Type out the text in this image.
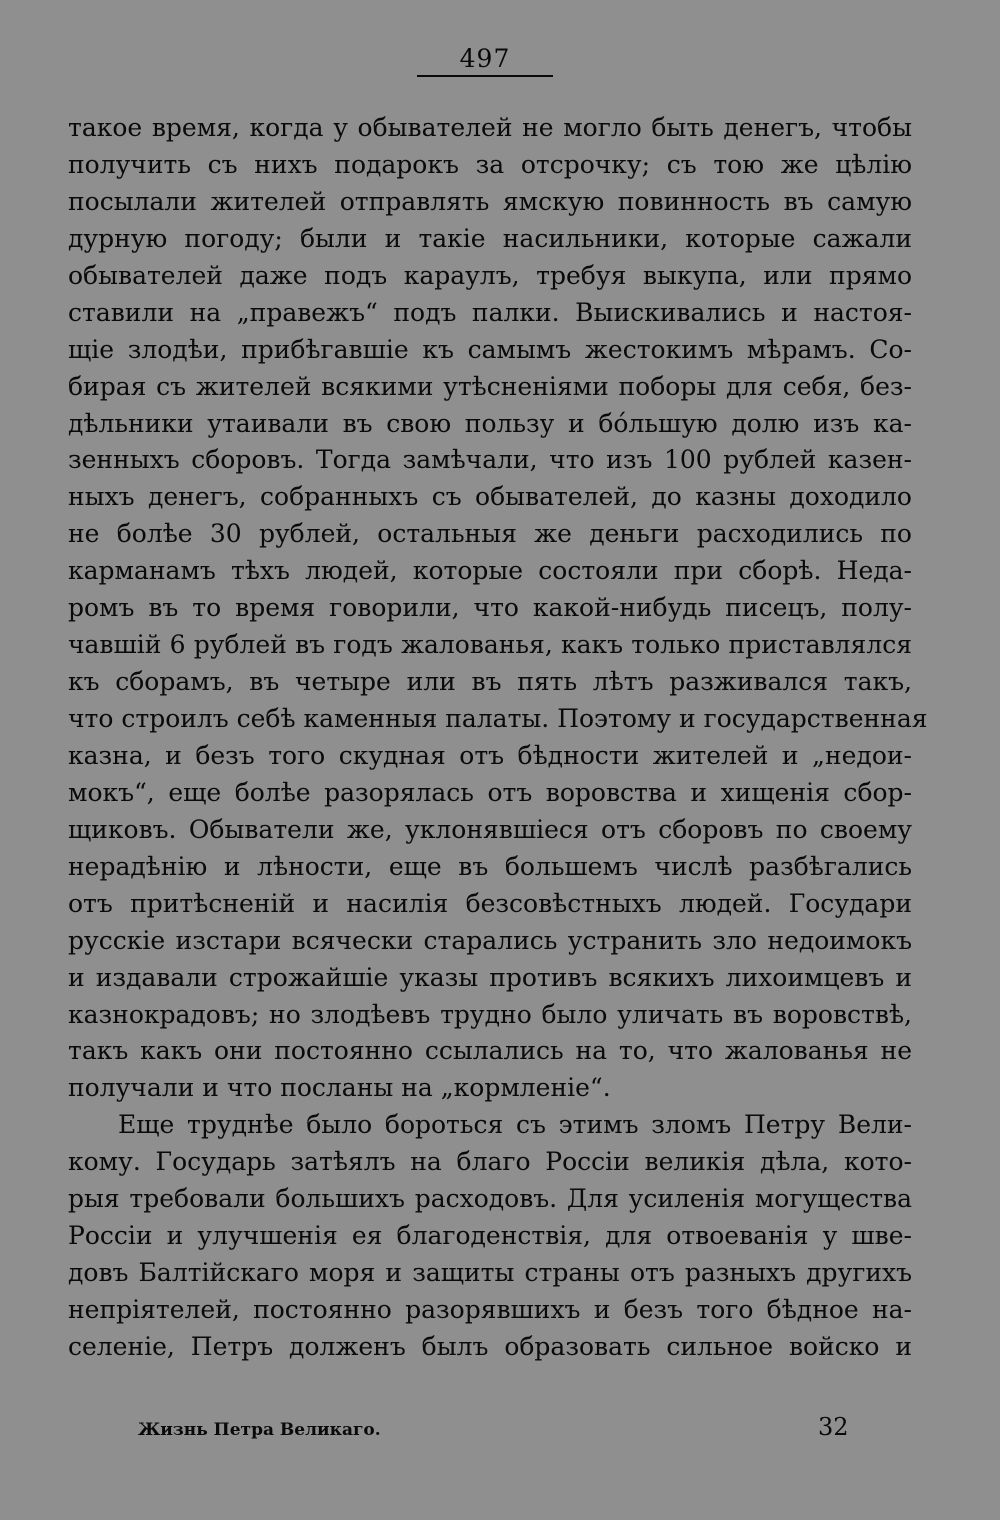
497
такое время, когда у обывателей не могло быть денегъ, чтобы
получить съ нихъ подарокъ за отсрочку; съ тою же цѣлію
посылали жителей отправлять ямскую повинность въ самую
дурную погоду; были и такіе насильники, которые сажали
обывателей даже подъ караулъ, требуя выкупа, или прямо
ставили на „правежъ“ подъ палки. Выискивались и настоя-
щіе злодѣи, прибѣгавшіе къ самымъ жестокимъ мѣрамъ. Со-
бирая съ жителей всякими утѣсненіями поборы для себя, без-
дѣльники утаивали въ свою пользу и бо́льшую долю изъ ка-
зенныхъ сборовъ. Тогда замѣчали, что изъ 100 рублей казен-
ныхъ денегъ, собранныхъ съ обывателей, до казны доходило
не болѣе 30 рублей, остальныя же деньги расходились по
карманамъ тѣхъ людей, которые состояли при сборѣ. Неда-
ромъ въ то время говорили, что какой-нибудь писецъ, полу-
чавшій 6 рублей въ годъ жалованья, какъ только приставлялся
къ сборамъ, въ четыре или въ пять лѣтъ разживался такъ,
что строилъ себѣ каменныя палаты. Поэтому и государственная
казна, и безъ того скудная отъ бѣдности жителей и „недои-
мокъ“, еще болѣе разорялась отъ воровства и хищенія сбор-
щиковъ. Обыватели же, уклонявшіеся отъ сборовъ по своему
нерадѣнію и лѣности, еще въ большемъ числѣ разбѣгались
отъ притѣсненій и насилія безсовѣстныхъ людей. Государи
русскіе изстари всячески старались устранить зло недоимокъ
и издавали строжайшіе указы противъ всякихъ лихоимцевъ и
казнокрадовъ; но злодѣевъ трудно было уличать въ воровствѣ,
такъ какъ они постоянно ссылались на то, что жалованья не
получали и что посланы на „кормленіе“.
Еще труднѣе было бороться съ этимъ зломъ Петру Вели-
кому. Государь затѣялъ на благо Россіи великія дѣла, кото-
рыя требовали большихъ расходовъ. Для усиленія могущества
Россіи и улучшенія ея благоденствія, для отвоеванія у шве-
довъ Балтійскаго моря и защиты страны отъ разныхъ другихъ
непріятелей, постоянно разорявшихъ и безъ того бѣдное на-
селеніе, Петръ долженъ былъ образовать сильное войско и
Жизнь Петра Великаго.	32
